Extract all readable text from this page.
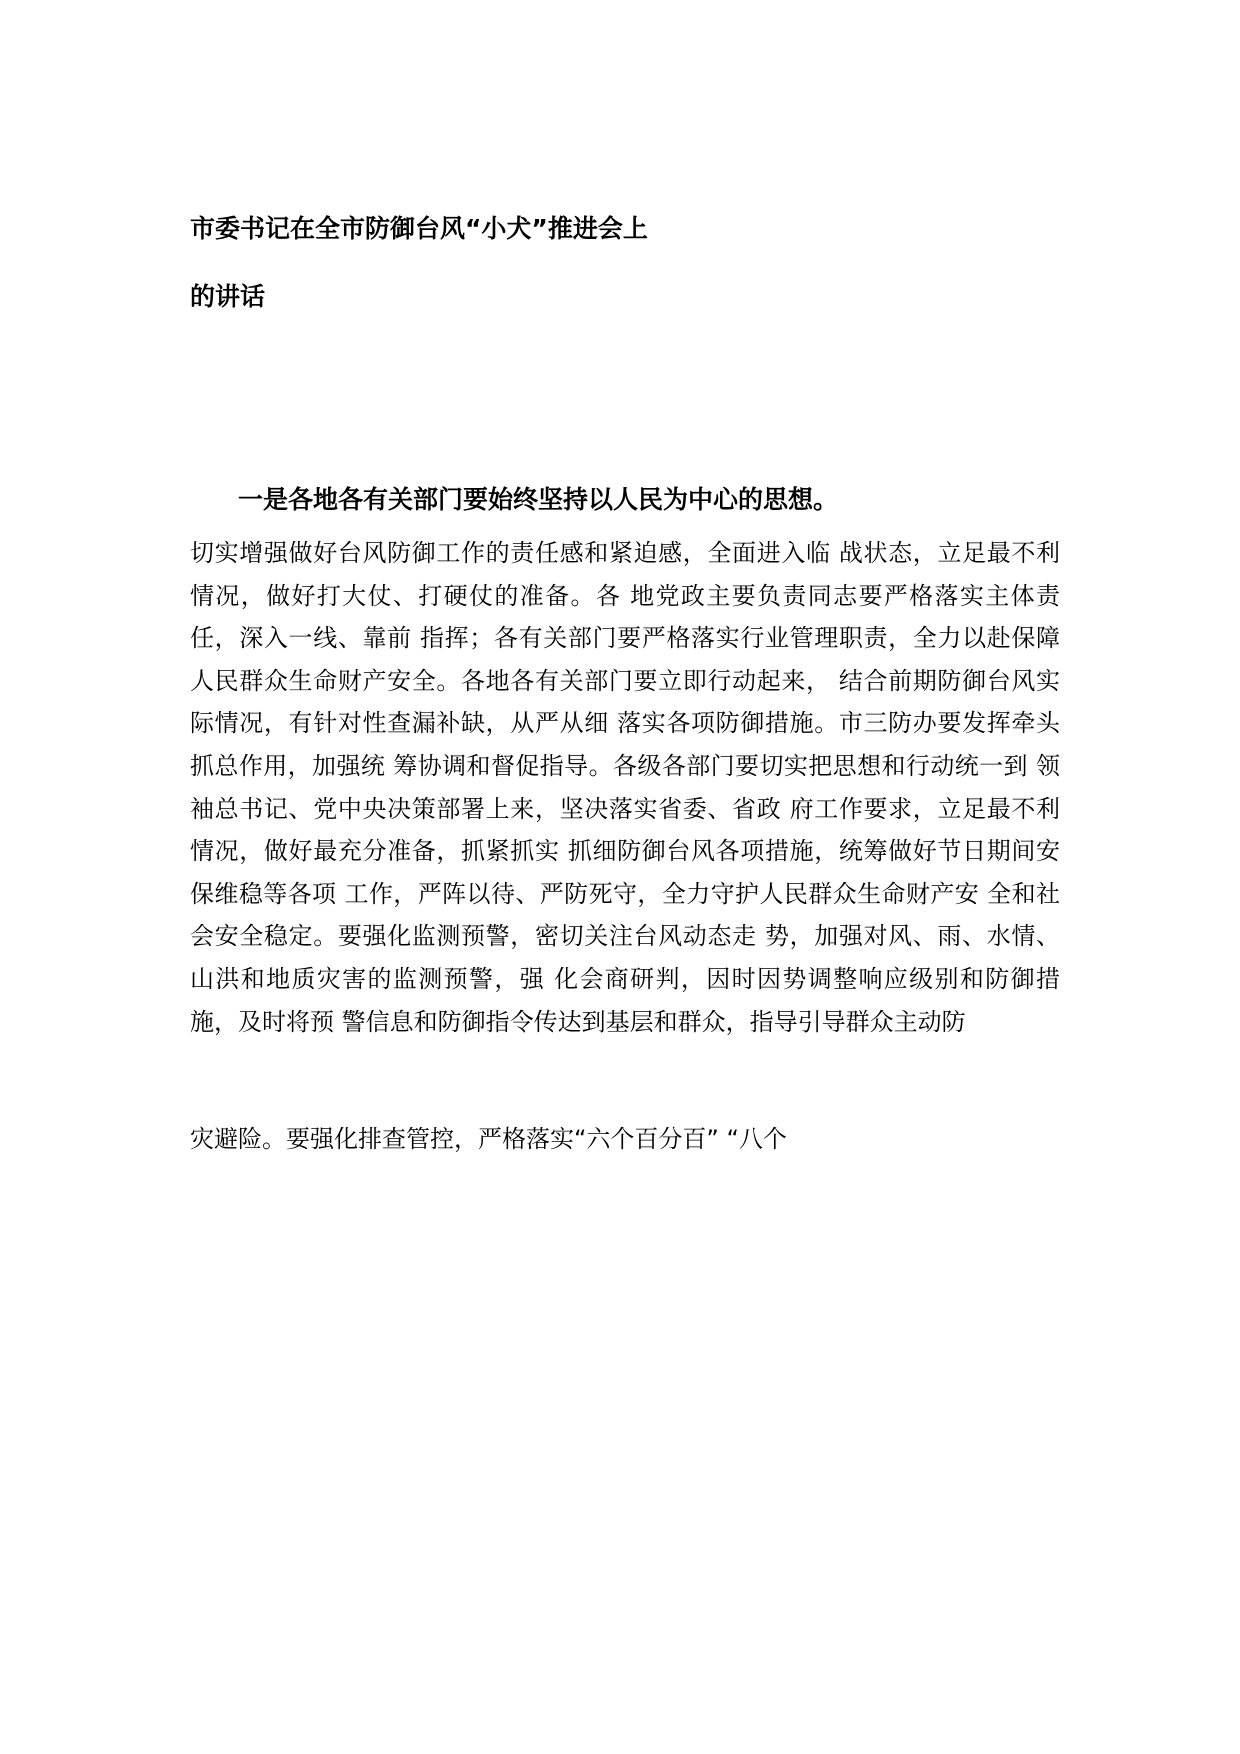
市委书记在全市防御台风“小犬”推进会上
的讲话
一是各地各有关部门要始终坚持以人民为中心的思想。

切实增强做好台风防御工作的责任感和紧迫感，全面进入临 战状态，立足最不利情况，做好打大仗、打硬仗的准备。各 地党政主要负责同志要严格落实主体责任，深入一线、靠前 指挥；各有关部门要严格落实行业管理职责，全力以赴保障 人民群众生命财产安全。各地各有关部门要立即行动起来， 结合前期防御台风实际情况，有针对性查漏补缺，从严从细 落实各项防御措施。市三防办要发挥牵头抓总作用，加强统 筹协调和督促指导。各级各部门要切实把思想和行动统一到 领袖总书记、党中央决策部署上来，坚决落实省委、省政 府工作要求，立足最不利情况，做好最充分准备，抓紧抓实 抓细防御台风各项措施，统筹做好节日期间安保维稳等各项 工作，严阵以待、严防死守，全力守护人民群众生命财产安 全和社会安全稳定。要强化监测预警，密切关注台风动态走 势，加强对风、雨、水情、山洪和地质灾害的监测预警，强 化会商研判，因时因势调整响应级别和防御措施，及时将预 警信息和防御指令传达到基层和群众，指导引导群众主动防

灾避险。要强化排查管控，严格落实“六个百分百” “八个
